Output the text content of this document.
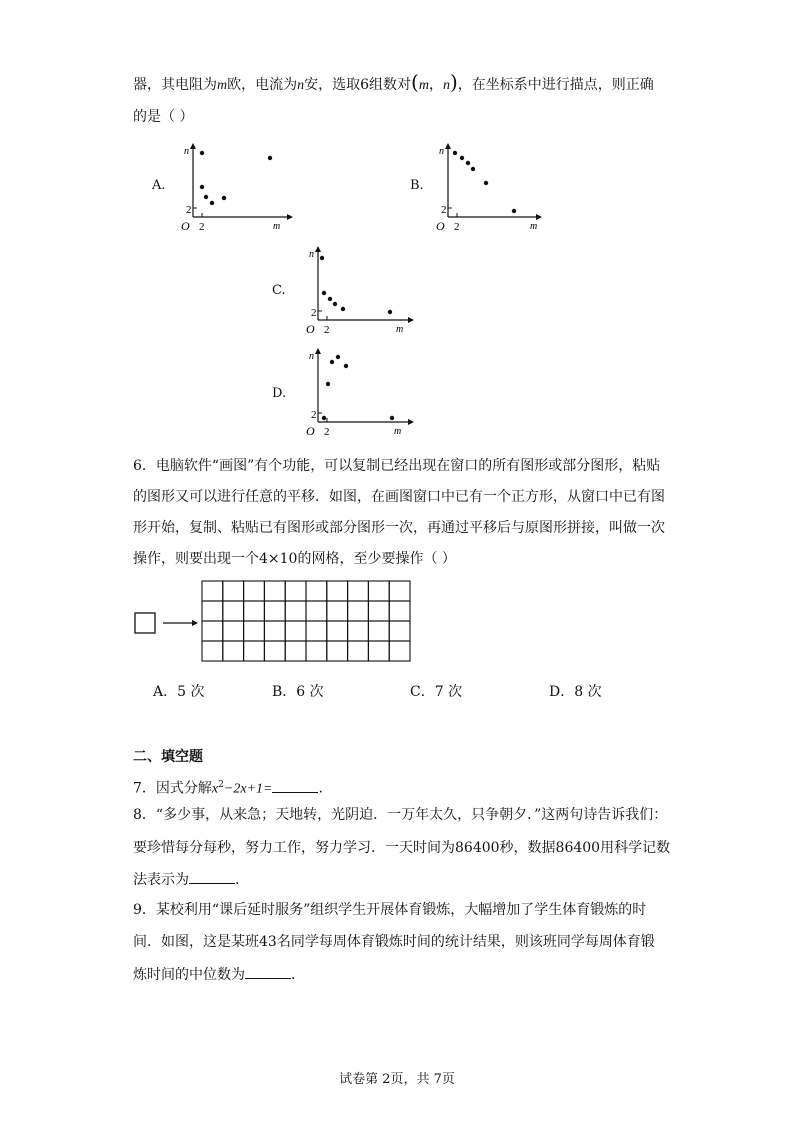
器，其电阻为m欧，电流为n安，选取6组数对(m，n)，在坐标系中进行描点，则正确
的是（ ）
A.
n
m
O 2
2
B.
n
m
O 2
2
C.
n
m
O 2
2
D.
n
m
O 2
2
6．电脑软件“画图”有个功能，可以复制已经出现在窗口的所有图形或部分图形，粘贴
的图形又可以进行任意的平移．如图，在画图窗口中已有一个正方形，从窗口中已有图
形开始，复制、粘贴已有图形或部分图形一次，再通过平移后与原图形拼接，叫做一次
操作，则要出现一个4×10的网格，至少要操作（ ）
A．5 次	B．6 次	C．7 次	D．8 次
二、填空题
7．因式分解$x^2-2x+1=$	.
8．“多少事，从来急；天地转，光阴迫．一万年太久，只争朝夕．”这两句诗告诉我们：
要珍惜每分每秒，努力工作，努力学习．一天时间为86400秒，数据86400用科学记数
法表示为	.
9．某校利用“课后延时服务”组织学生开展体育锻炼，大幅增加了学生体育锻炼的时
间．如图，这是某班43名同学每周体育锻炼时间的统计结果，则该班同学每周体育锻
炼时间的中位数为	.
试卷第 2页，共 7页
